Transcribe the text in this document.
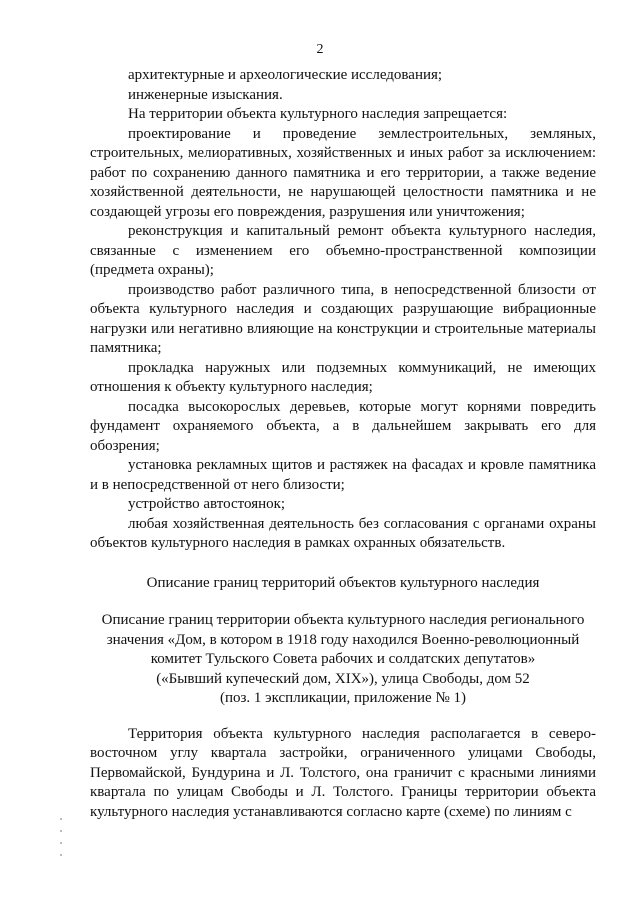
2

архитектурные и археологические исследования;

инженерные изыскания.

На территории объекта культурного наследия запрещается:

проектирование и проведение землестроительных, земляных, строительных, мелиоративных, хозяйственных и иных работ за исключением: работ по сохранению данного памятника и его территории, а также ведение хозяйственной деятельности, не нарушающей целостности памятника и не создающей угрозы его повреждения, разрушения или уничтожения;

реконструкция и капитальный ремонт объекта культурного наследия, связанные с изменением его объемно-пространственной композиции (предмета охраны);

производство работ различного типа, в непосредственной близости от объекта культурного наследия и создающих разрушающие вибрационные нагрузки или негативно влияющие на конструкции и строительные материалы памятника;

прокладка наружных или подземных коммуникаций, не имеющих отношения к объекту культурного наследия;

посадка высокорослых деревьев, которые могут корнями повредить фундамент охраняемого объекта, а в дальнейшем закрывать его для обозрения;

установка рекламных щитов и растяжек на фасадах и кровле памятника и в непосредственной от него близости;

устройство автостоянок;

любая хозяйственная деятельность без согласования с органами охраны объектов культурного наследия в рамках охранных обязательств.

Описание границ территорий объектов культурного наследия

Описание границ территории объекта культурного наследия регионального
значения «Дом, в котором в 1918 году находился Военно-революционный
комитет Тульского Совета рабочих и солдатских депутатов»
(«Бывший купеческий дом, XIX»), улица Свободы, дом 52
(поз. 1 экспликации, приложение № 1)

Территория объекта культурного наследия располагается в северо-восточном углу квартала застройки, ограниченного улицами Свободы, Первомайской, Бундурина и Л. Толстого, она граничит с красными линиями квартала по улицам Свободы и Л. Толстого. Границы территории объекта культурного наследия устанавливаются согласно карте (схеме) по линиям с
